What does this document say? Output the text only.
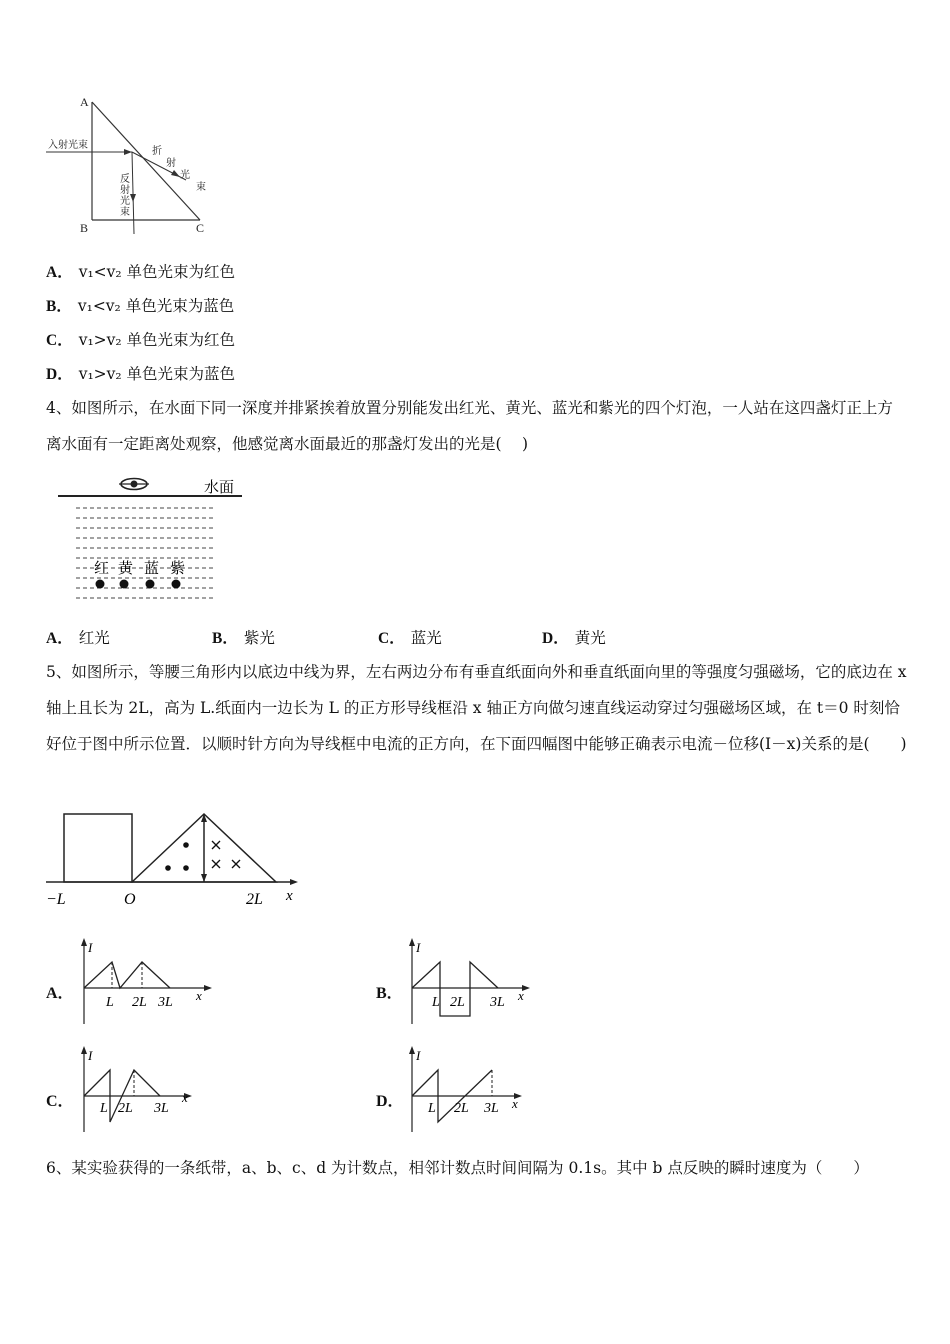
A
B	C
入射光束
折
射
光
束
反
射
光
束
A． v₁<v₂ 单色光束为红色
B． v₁<v₂ 单色光束为蓝色
C． v₁>v₂ 单色光束为红色
D． v₁>v₂ 单色光束为蓝色
4、如图所示，在水面下同一深度并排紧挨着放置分别能发出红光、黄光、蓝光和紫光的四个灯泡，一人站在这四盏灯正上方离水面有一定距离处观察，他感觉离水面最近的那盏灯发出的光是(　 )
水面
红 黄 蓝 紫
A． 红光	B． 紫光	C． 蓝光	D． 黄光
5、如图所示，等腰三角形内以底边中线为界，左右两边分布有垂直纸面向外和垂直纸面向里的等强度匀强磁场，它的底边在 x 轴上且长为 2L，高为 L.纸面内一边长为 L 的正方形导线框沿 x 轴正方向做匀速直线运动穿过匀强磁场区域，在 t＝0 时刻恰好位于图中所示位置．以顺时针方向为导线框中电流的正方向，在下面四幅图中能够正确表示电流－位移(I－x)关系的是(　　)
−L	O	2L x
A．
I
x
L 2L 3L
B．
I
x
L 2L 3L
C．
I
x
L 2L 3L	D．
I
x
L 2L 3L
6、某实验获得的一条纸带，a、b、c、d 为计数点，相邻计数点时间间隔为 0.1s。其中 b 点反映的瞬时速度为（　　）
